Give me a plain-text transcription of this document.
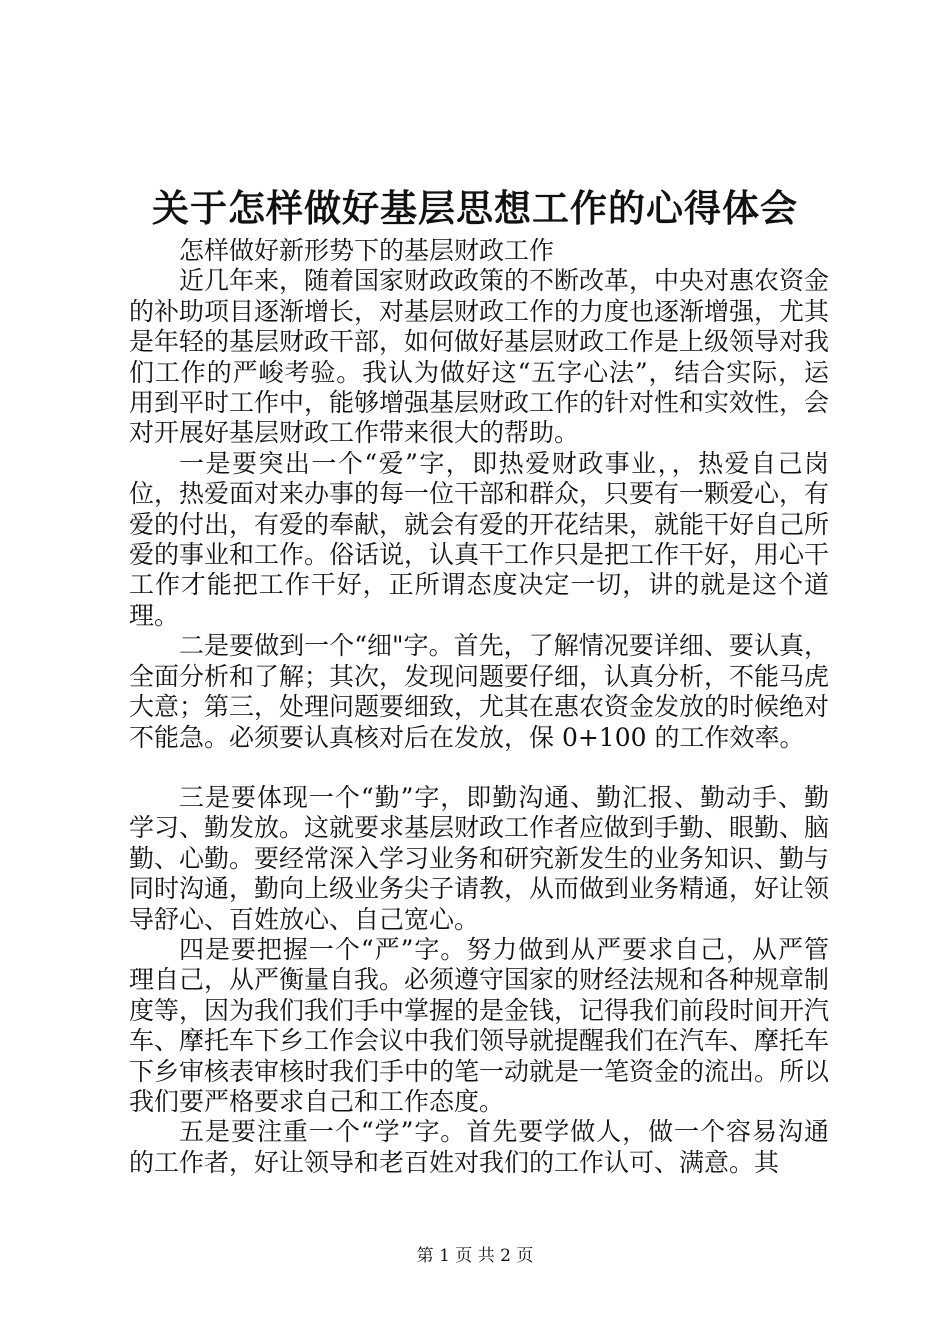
关于怎样做好基层思想工作的心得体会

怎样做好新形势下的基层财政工作

近几年来，随着国家财政政策的不断改革，中央对惠农资金的补助项目逐渐增长，对基层财政工作的力度也逐渐增强，尤其是年轻的基层财政干部，如何做好基层财政工作是上级领导对我们工作的严峻考验。我认为做好这“五字心法”，结合实际，运用到平时工作中，能够增强基层财政工作的针对性和实效性，会对开展好基层财政工作带来很大的帮助。

一是要突出一个“爱”字，即热爱财政事业，，热爱自己岗位，热爱面对来办事的每一位干部和群众，只要有一颗爱心，有爱的付出，有爱的奉献，就会有爱的开花结果，就能干好自己所爱的事业和工作。俗话说，认真干工作只是把工作干好，用心干工作才能把工作干好，正所谓态度决定一切，讲的就是这个道理。

二是要做到一个“细"字。首先，了解情况要详细、要认真，全面分析和了解；其次，发现问题要仔细，认真分析，不能马虎大意；第三，处理问题要细致，尤其在惠农资金发放的时候绝对不能急。必须要认真核对后在发放，保 0+100 的工作效率。

三是要体现一个“勤”字，即勤沟通、勤汇报、勤动手、勤学习、勤发放。这就要求基层财政工作者应做到手勤、眼勤、脑勤、心勤。要经常深入学习业务和研究新发生的业务知识、勤与同时沟通，勤向上级业务尖子请教，从而做到业务精通，好让领导舒心、百姓放心、自己宽心。

四是要把握一个“严”字。努力做到从严要求自己，从严管理自己，从严衡量自我。必须遵守国家的财经法规和各种规章制度等，因为我们我们手中掌握的是金钱，记得我们前段时间开汽车、摩托车下乡工作会议中我们领导就提醒我们在汽车、摩托车下乡审核表审核时我们手中的笔一动就是一笔资金的流出。所以我们要严格要求自己和工作态度。

五是要注重一个“学”字。首先要学做人，做一个容易沟通的工作者，好让领导和老百姓对我们的工作认可、满意。其

第 1 页 共 2 页
